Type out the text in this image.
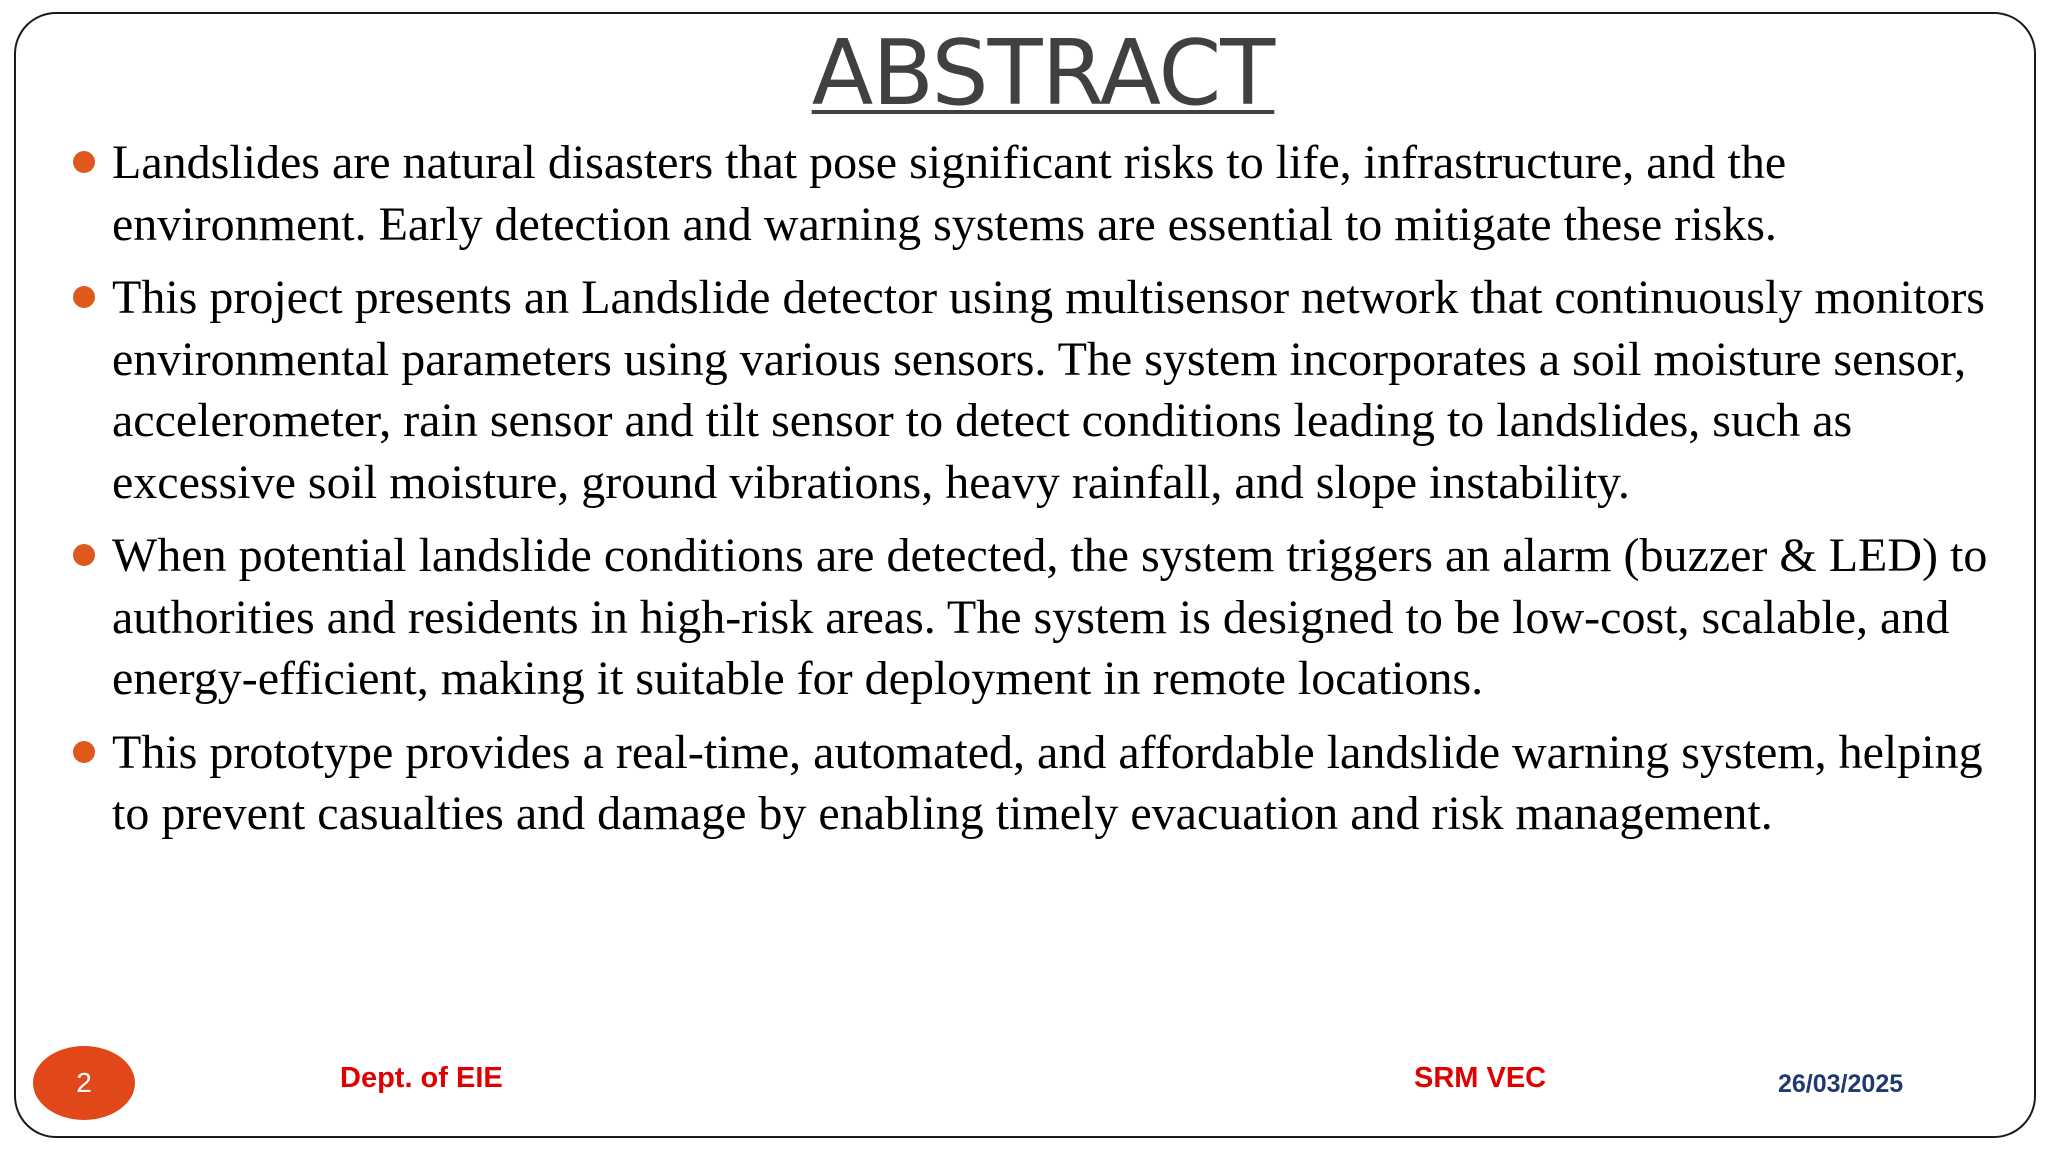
ABSTRACT
Landslides are natural disasters that pose significant risks to life, infrastructure, and the environment. Early detection and warning systems are essential to mitigate these risks.
This project presents an Landslide detector using multisensor network that continuously monitors environmental parameters using various sensors. The system incorporates a soil moisture sensor, accelerometer, rain sensor and tilt sensor to detect conditions leading to landslides, such as excessive soil moisture, ground vibrations, heavy rainfall, and slope instability.
When potential landslide conditions are detected, the system triggers an alarm (buzzer & LED) to authorities and residents in high-risk areas. The system is designed to be low-cost, scalable, and energy-efficient, making it suitable for deployment in remote locations.
This prototype provides a real-time, automated, and affordable landslide warning system, helping to prevent casualties and damage by enabling timely evacuation and risk management.
2	Dept. of EIE	SRM VEC	26/03/2025
